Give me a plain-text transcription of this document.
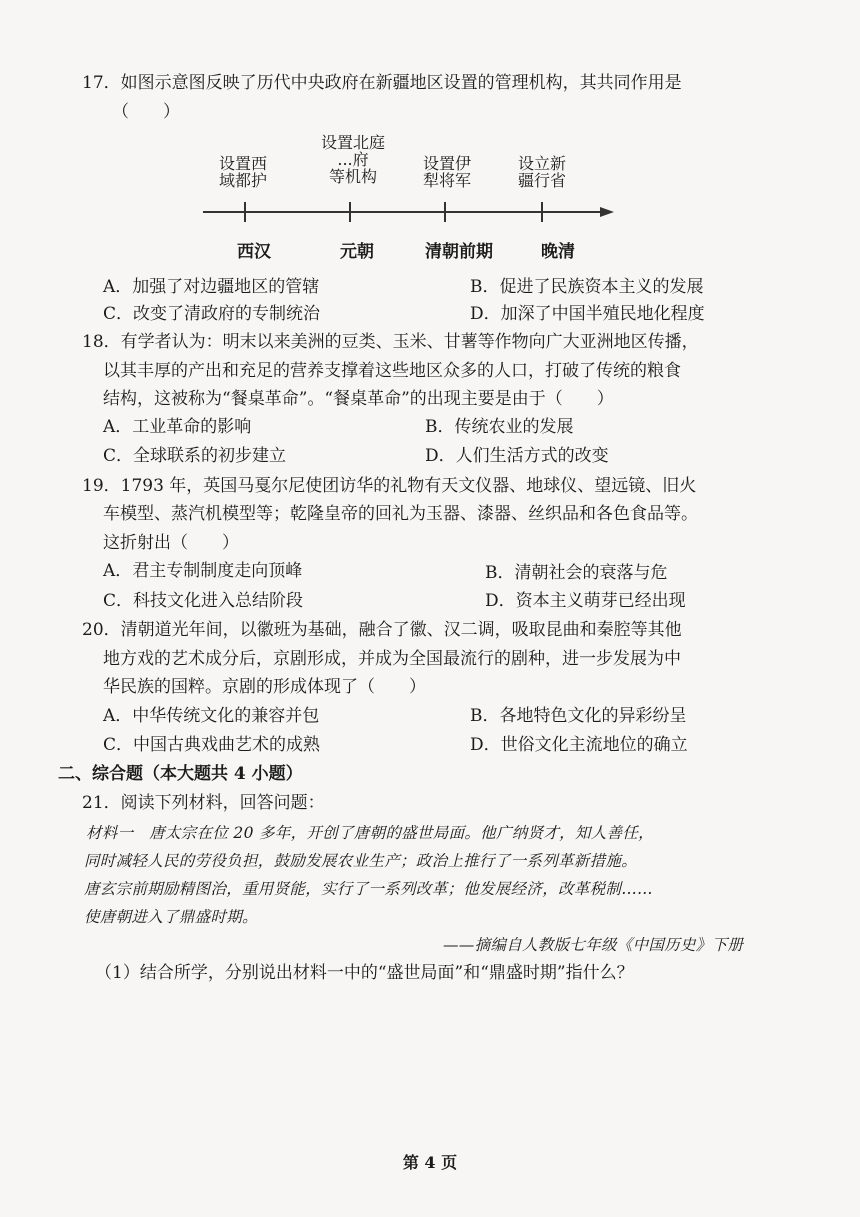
17．如图示意图反映了历代中央政府在新疆地区设置的管理机构，其共同作用是
（　　）
设置西
域都护
设置北庭
...府
等机构
设置伊
犁将军
设立新
疆行省
西汉	元朝	清朝前期	晚清
A．加强了对边疆地区的管辖	B．促进了民族资本主义的发展
C．改变了清政府的专制统治	D．加深了中国半殖民地化程度
18．有学者认为：明末以来美洲的豆类、玉米、甘薯等作物向广大亚洲地区传播，
以其丰厚的产出和充足的营养支撑着这些地区众多的人口，打破了传统的粮食
结构，这被称为“餐桌革命”。“餐桌革命”的出现主要是由于（　　）
A．工业革命的影响	B．传统农业的发展
C．全球联系的初步建立	D．人们生活方式的改变
19．1793 年，英国马戛尔尼使团访华的礼物有天文仪器、地球仪、望远镜、旧火
车模型、蒸汽机模型等；乾隆皇帝的回礼为玉器、漆器、丝织品和各色食品等。
这折射出（　　）
A．君主专制制度走向顶峰	B．清朝社会的衰落与危
C．科技文化进入总结阶段	D．资本主义萌芽已经出现
20．清朝道光年间，以徽班为基础，融合了徽、汉二调，吸取昆曲和秦腔等其他
地方戏的艺术成分后，京剧形成，并成为全国最流行的剧种，进一步发展为中
华民族的国粹。京剧的形成体现了（　　）
A．中华传统文化的兼容并包	B．各地特色文化的异彩纷呈
C．中国古典戏曲艺术的成熟	D．世俗文化主流地位的确立
二、综合题（本大题共 4 小题）
21．阅读下列材料，回答问题：
材料一　唐太宗在位 20 多年，开创了唐朝的盛世局面。他广纳贤才，知人善任，
同时减轻人民的劳役负担，鼓励发展农业生产；政治上推行了一系列革新措施。
唐玄宗前期励精图治，重用贤能，实行了一系列改革；他发展经济，改革税制……
使唐朝进入了鼎盛时期。
——摘编自人教版七年级《中国历史》下册
（1）结合所学，分别说出材料一中的“盛世局面”和“鼎盛时期”指什么？
第 4 页
